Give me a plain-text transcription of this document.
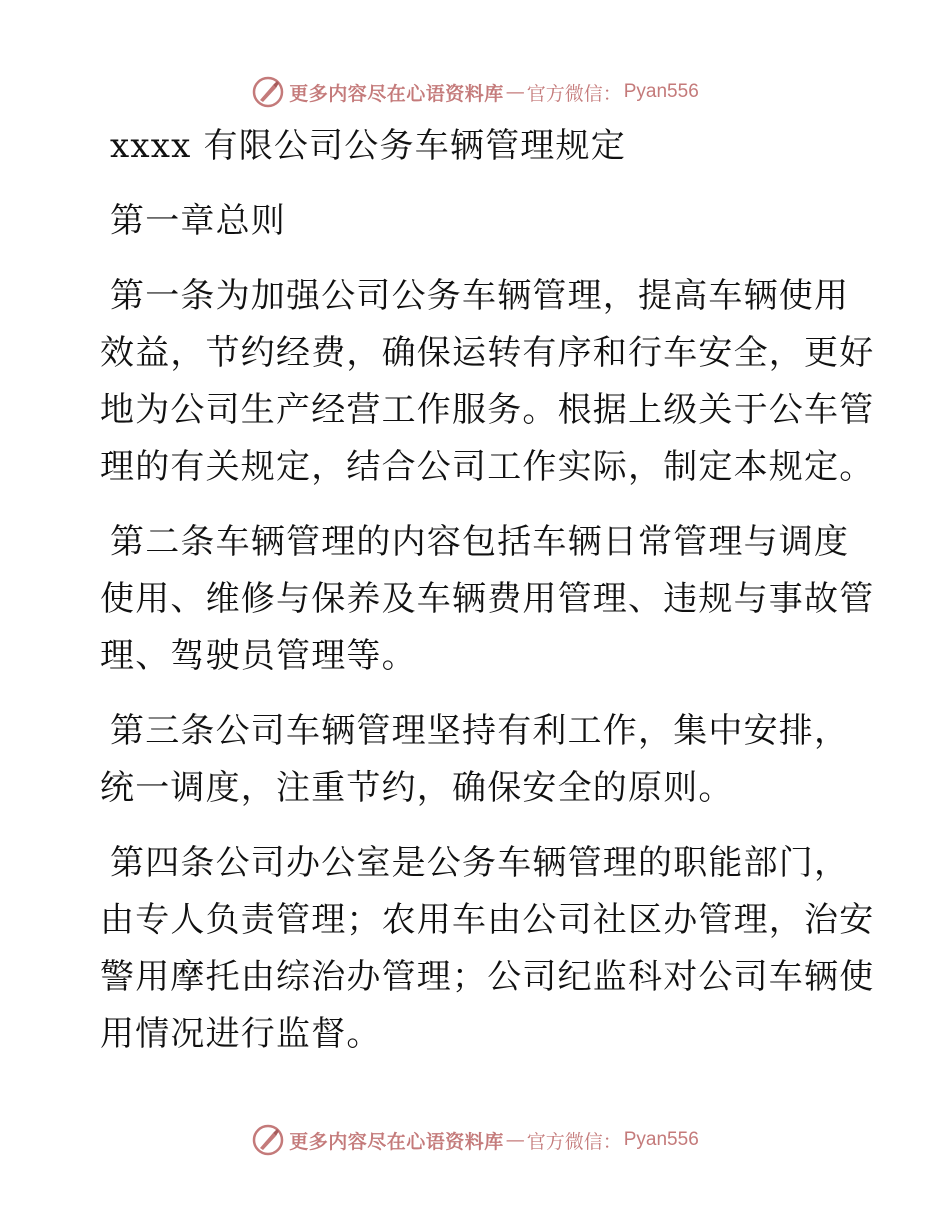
更多内容尽在心语资料库 — 官方微信： Pyan556
xxxx 有限公司公务车辆管理规定
第一章总则
第一条为加强公司公务车辆管理，提高车辆使用
效益，节约经费，确保运转有序和行车安全，更好
地为公司生产经营工作服务。根据上级关于公车管
理的有关规定，结合公司工作实际，制定本规定。
第二条车辆管理的内容包括车辆日常管理与调度
使用、维修与保养及车辆费用管理、违规与事故管
理、驾驶员管理等。
第三条公司车辆管理坚持有利工作，集中安排，
统一调度，注重节约，确保安全的原则。
第四条公司办公室是公务车辆管理的职能部门，
由专人负责管理；农用车由公司社区办管理，治安
警用摩托由综治办管理；公司纪监科对公司车辆使
用情况进行监督。
更多内容尽在心语资料库 — 官方微信： Pyan556
